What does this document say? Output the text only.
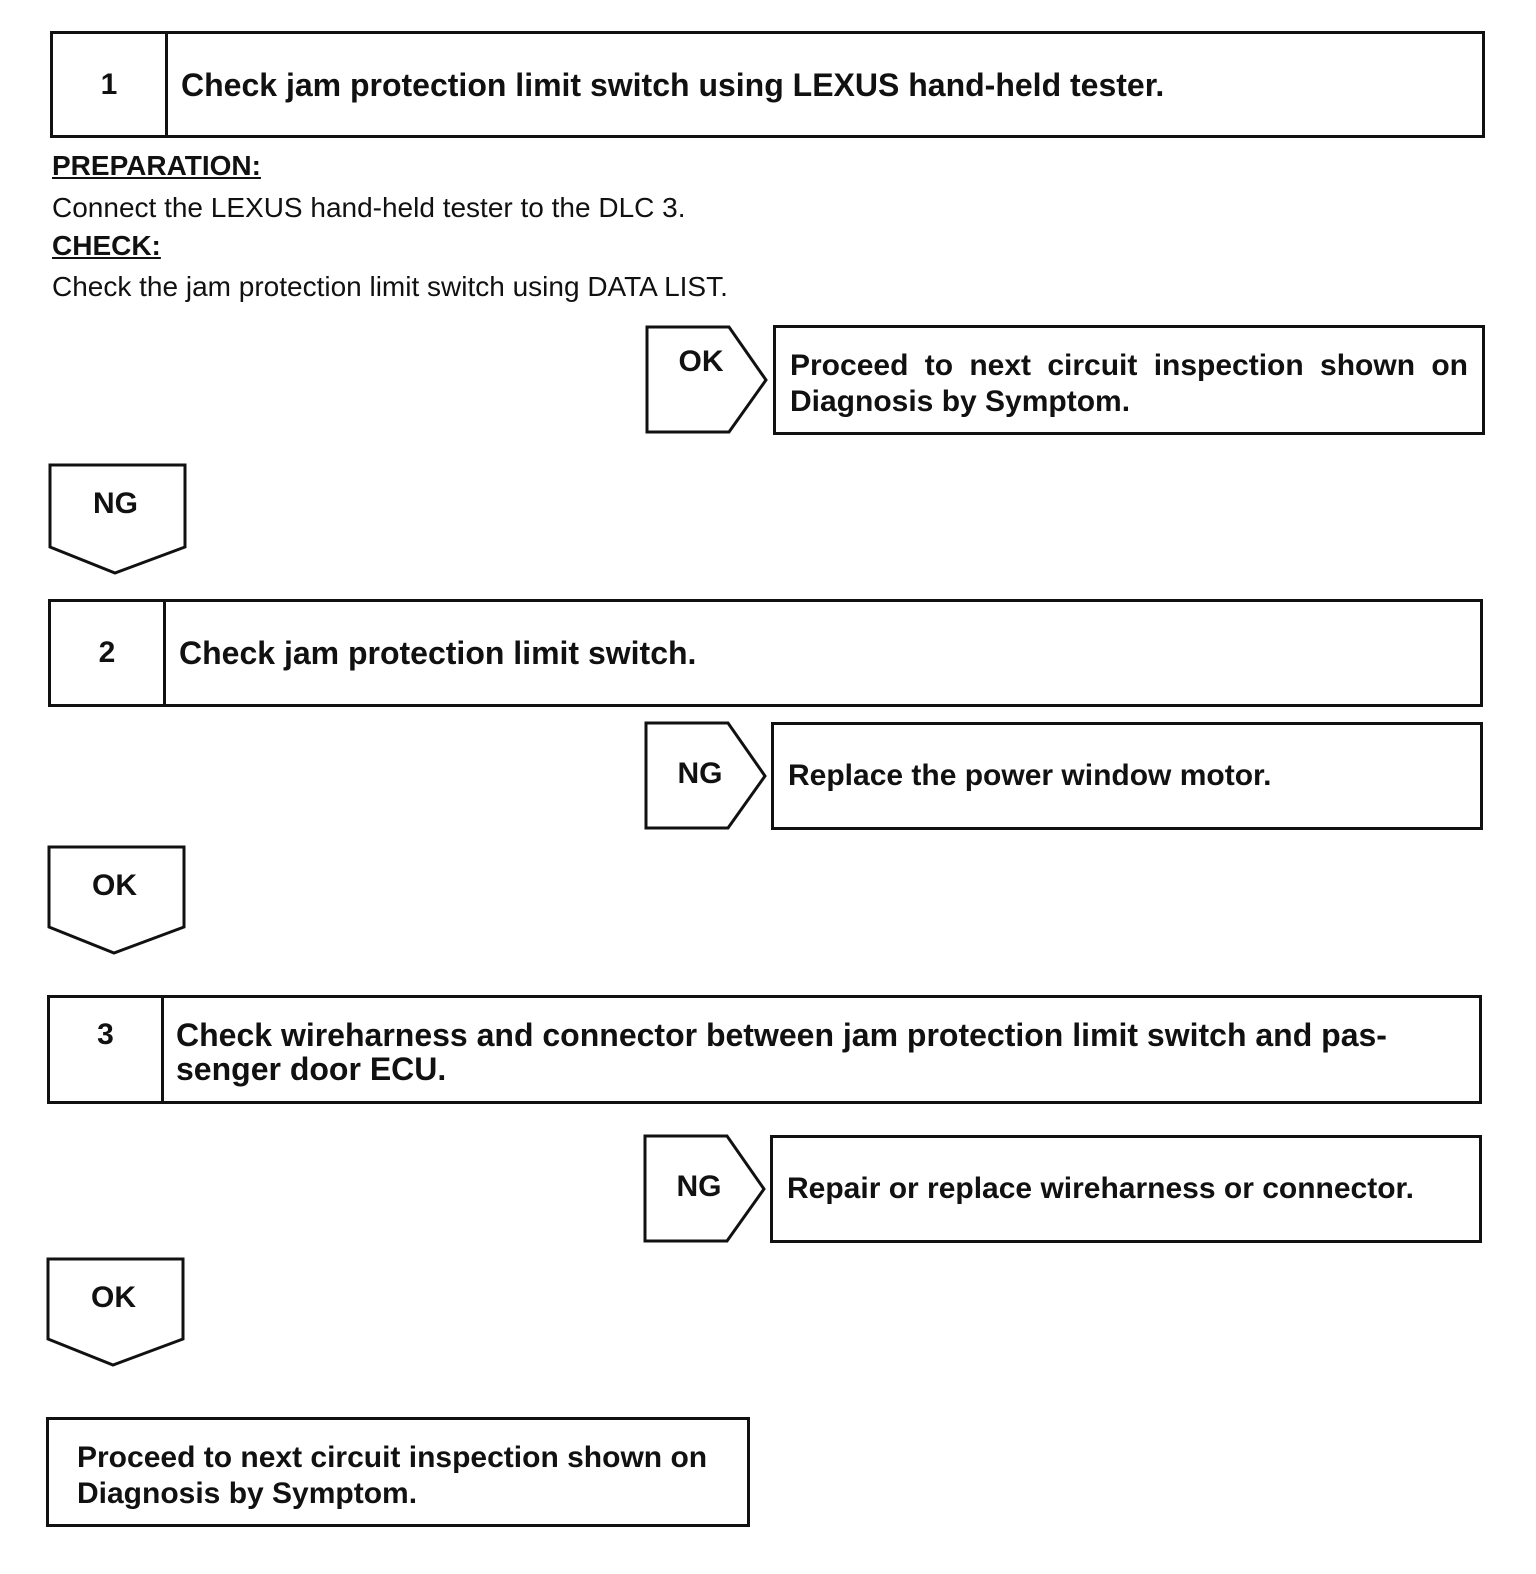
1	Check jam protection limit switch using LEXUS hand-held tester.
PREPARATION:
Connect the LEXUS hand-held tester to the DLC 3.
CHECK:
Check the jam protection limit switch using DATA LIST.
OK	Proceed to next circuit inspection shown on
Diagnosis by Symptom.
NG
2	Check jam protection limit switch.
NG	Replace the power window motor.
OK
3 Check wireharness and connector between jam protection limit switch and pas-
senger door ECU.
NG	Repair or replace wireharness or connector.
OK
Proceed to next circuit inspection shown on
Diagnosis by Symptom.
